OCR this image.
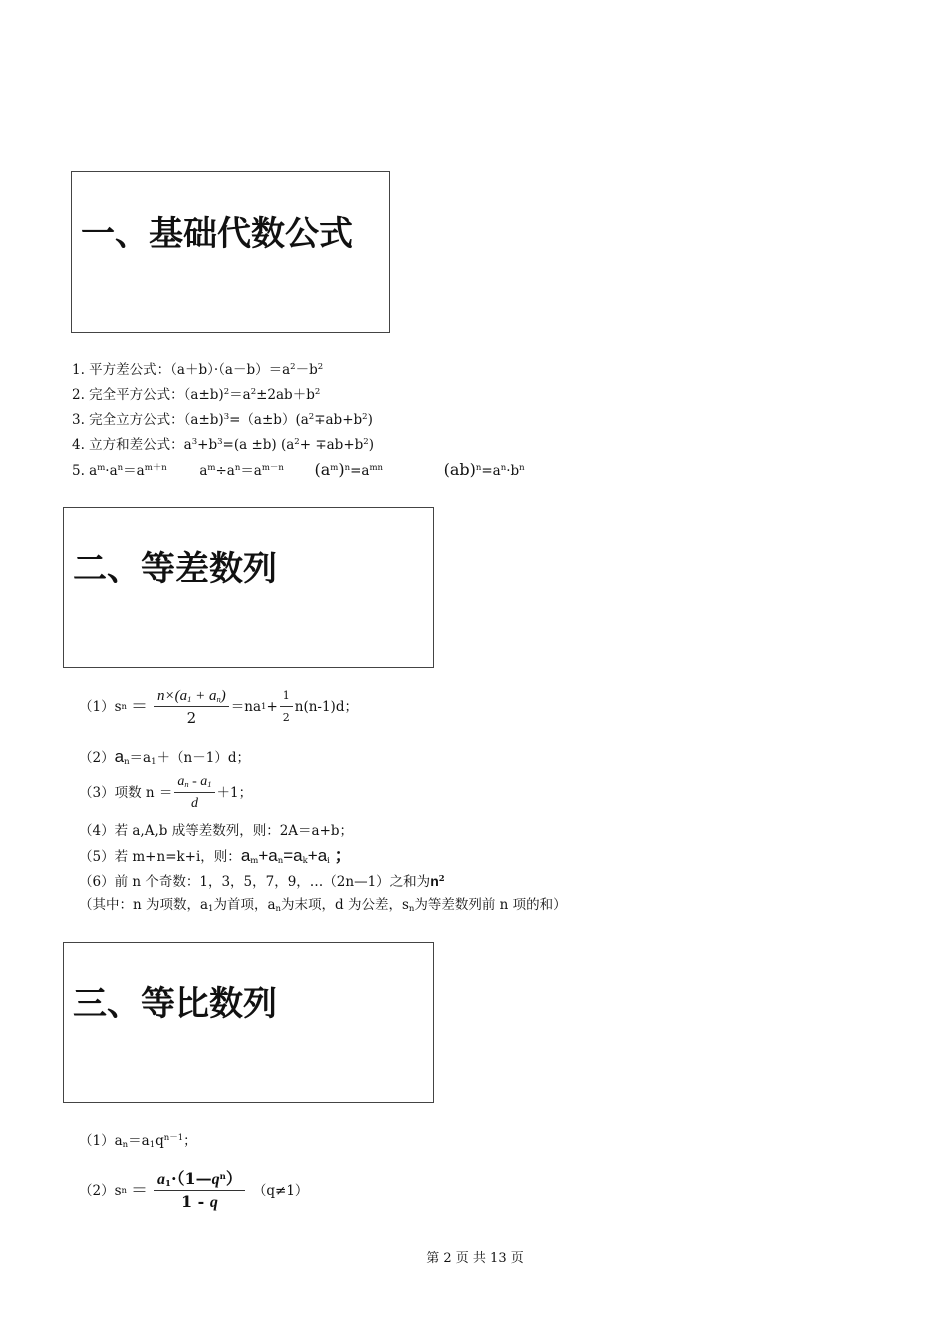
一、基础代数公式
1. 平方差公式：$(a+b)\cdot(a-b)=a^2-b^2$
2. 完全平方公式：$(a\pm b)^2=a^2\pm 2ab+b^2$
3. 完全立方公式：$(a\pm b)^3=(a\pm b)(a^2\mp ab+b^2)$
4. 立方和差公式：$a^3+b^3=(a \pm b)$ $(a^2+ \mp ab+b^2)$
5. $a^m\cdot a^n=a^{m+n}$ $a^m\div a^n=a^{m-n}$ $(a^m)^n=a^{mn}$	$(ab)^n=a^n\cdot b^n$
二、等差数列
（1）s $n = \frac{n\times(a_1 + a_n)}{2} =na$ $1 + \frac{1}{2} n(n-1)d$；
$(2)a_n=a_1+(n-1)d$；
（3）项数 $n = \frac{a_n - a_1}{d} +1$；
（4）若 a,A,b 成等差数列，则：2A＝a+b；
（5）若 m+n=k+i，则：$a_m+a_n=a_k+a_i$ ；
（6）前 n 个奇数：1，3，5，7，9，…（2n—1）之和为$n^2$
（其中：n 为项数，$a_1$为首项，$a_n$为末项，d 为公差，$s_n$为等差数列前 n 项的和）
三、等比数列
$(1)a_n=a_1q^{n-1}$；
（2）s $n = \frac{a_1\cdot(1—q^n)}{1 - q} (q\ne 1)$
第 2 页 共 13 页
